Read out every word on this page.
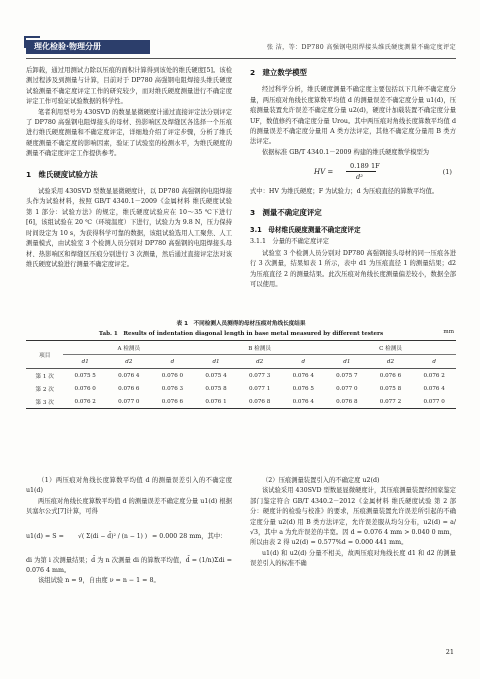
理化检验·物理分册	张 洁，等：DP780 高强钢电阻焊接头维氏硬度测量不确定度评定

后卸载，通过用测试力除以压痕的面积计算得到该处的维氏硬度[5]。该检测过程涉及到测量与计算，目前对于 DP780 高强钢电阻焊接头维氏硬度试验测量不确定度评定工作的研究较少，而对维氏硬度测量进行不确定度评定工作可验证试验数据的科学性。

笔者利用型号为 430SVD 的数显显微硬度计通过直接评定法分别评定了 DP780 高强钢电阻焊接头的母材、热影响区及焊缝区各选择一个压痕进行维氏硬度测量和不确定度评定，详细地介绍了评定步骤，分析了维氏硬度测量不确定度的影响因素，验证了试验室的检测水平，为维氏硬度的测量不确定度评定工作提供参考。

1　维氏硬度试验方法

试验采用 430SVD 型数显显微硬度计，以 DP780 高强钢的电阻焊接头作为试验材料，按照 GB/T 4340.1－2009《金属材料 维氏硬度试验 第 1 部分：试验方法》的规定，维氏硬度试验应在 10～35 ℃下进行[6]，该组试验在 20 ℃（环境温度）下进行，试验力为 9.8 N，压力保持时间设定为 10 s，为获得科学可靠的数据，该组试验选用人工聚焦、人工测量模式，由试验室 3 个检测人员分别对 DP780 高强钢的电阻焊接头母材、热影响区和焊缝区压痕分别进行 3 次测量，然后通过直接评定法对该维氏硬度试验进行测量不确定度评定。

2　建立数学模型

经过科学分析，维氏硬度测量不确定度主要包括以下几种不确定度分量，两压痕对角线长度算数平均值 d 的测量误差不确定度分量 u1(d)，压痕测量装置允许误差不确定度分量 u2(d)，硬度计加载装置不确定度分量 UF，数值修约不确定度分量 Urou。其中两压痕对角线长度算数平均值 d 的测量误差不确定度分量用 A 类方法评定，其他不确定度分量用 B 类方法评定。

依据标准 GB/T 4340.1－2009 构建的维氏硬度数学模型为

HV =
0.189 1F
d²
(1)

式中：HV 为维氏硬度；F 为试验力；d 为压痕直径的算数平均值。

3　测量不确定度评定
3.1　母材维氏硬度测量不确定度评定
3.1.1　分量的不确定度评定

试验室 3 个检测人员分别对 DP780 高强钢接头母材的同一压痕各进行 3 次测量，结果如表 1 所示，表中 d1 为压痕直径 1 的测量结果；d2 为压痕直径 2 的测量结果。此次压痕对角线长度测量偏差较小，数据全部可以使用。

表 1　不同检测人员测得的母材压痕对角线长度结果
Tab. 1　Results of indentation diagonal length in base metal measured by different testers	mm
项目	A 检测员			B 检测员			C 检测员		
	d1	d2	d	d1	d2	d	d1	d2	d
第 1 次	0.075 5	0.076 4	0.076 0	0.075 4	0.077 3	0.076 4	0.075 7	0.076 6	0.076 2
第 2 次	0.076 0	0.076 6	0.076 3	0.075 8	0.077 1	0.076 5	0.077 0	0.075 8	0.076 4
第 3 次	0.076 2	0.077 0	0.076 6	0.076 1	0.076 8	0.076 4	0.076 8	0.077 2	0.077 0

（1）两压痕对角线长度算数平均值 d 的测量误差引入的不确定度 u1(d)

两压痕对角线长度算数平均值 d 的测量误差不确定度分量 u1(d) 根据贝塞尔公式[7]计算，可得

u1(d) = S = √( Σ(di − d̄)² / (n − 1) ) = 0.000 28 mm，其中：

di 为第 i 次测量结果；d̄ 为 n 次测量 di 的算数平均值，d̄ = (1/n)Σdi = 0.076 4 mm。

该组试验 n = 9，自由度 ν = n − 1 = 8。

（2）压痕测量装置引入的不确定度 u2(d)

该试验采用 430SVD 型数显显微硬度计，其压痕测量装置经国家鉴定部门鉴定符合 GB/T 4340.2－2012《金属材料 维氏硬度试验 第 2 部分：硬度计的检验与校准》的要求，压痕测量装置允许误差所引起的不确定度分量 u2(d) 用 B 类方法评定，允许误差服从均匀分布，u2(d) = a/√3，其中 a 为允许误差的半宽。因 d = 0.076 4 mm > 0.040 0 mm，所以由表 2 得 u2(d) = 0.577%d = 0.000 441 mm。

u1(d) 和 u2(d) 分量不相关，故两压痕对角线长度 d1 和 d2 的测量误差引入的标准不确

21
